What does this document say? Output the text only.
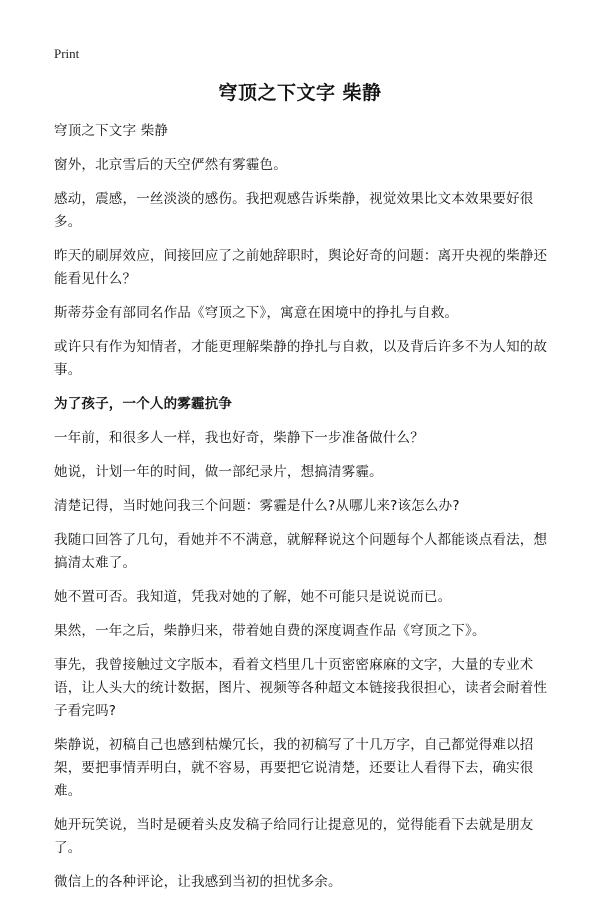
Print
穹顶之下文字 柴静

穹顶之下文字 柴静

窗外，北京雪后的天空俨然有雾霾色。

感动，震感，一丝淡淡的感伤。我把观感告诉柴静，视觉效果比文本效果要好很多。

昨天的刷屏效应，间接回应了之前她辞职时，舆论好奇的问题：离开央视的柴静还能看见什么？

斯蒂芬金有部同名作品《穹顶之下》，寓意在困境中的挣扎与自救。

或许只有作为知情者，才能更理解柴静的挣扎与自救，以及背后许多不为人知的故事。

为了孩子，一个人的雾霾抗争

一年前，和很多人一样，我也好奇，柴静下一步准备做什么？

她说，计划一年的时间，做一部纪录片，想搞清雾霾。

清楚记得，当时她问我三个问题：雾霾是什么?从哪儿来?该怎么办?

我随口回答了几句，看她并不不满意，就解释说这个问题每个人都能谈点看法，想搞清太难了。

她不置可否。我知道，凭我对她的了解，她不可能只是说说而已。

果然，一年之后，柴静归来，带着她自费的深度调查作品《穹顶之下》。

事先，我曾接触过文字版本，看着文档里几十页密密麻麻的文字，大量的专业术语，让人头大的统计数据，图片、视频等各种超文本链接我很担心，读者会耐着性子看完吗?

柴静说，初稿自己也感到枯燥冗长，我的初稿写了十几万字，自己都觉得难以招架，要把事情弄明白，就不容易，再要把它说清楚，还要让人看得下去，确实很难。

她开玩笑说，当时是硬着头皮发稿子给同行让提意见的，觉得能看下去就是朋友了。

微信上的各种评论，让我感到当初的担忧多余。
